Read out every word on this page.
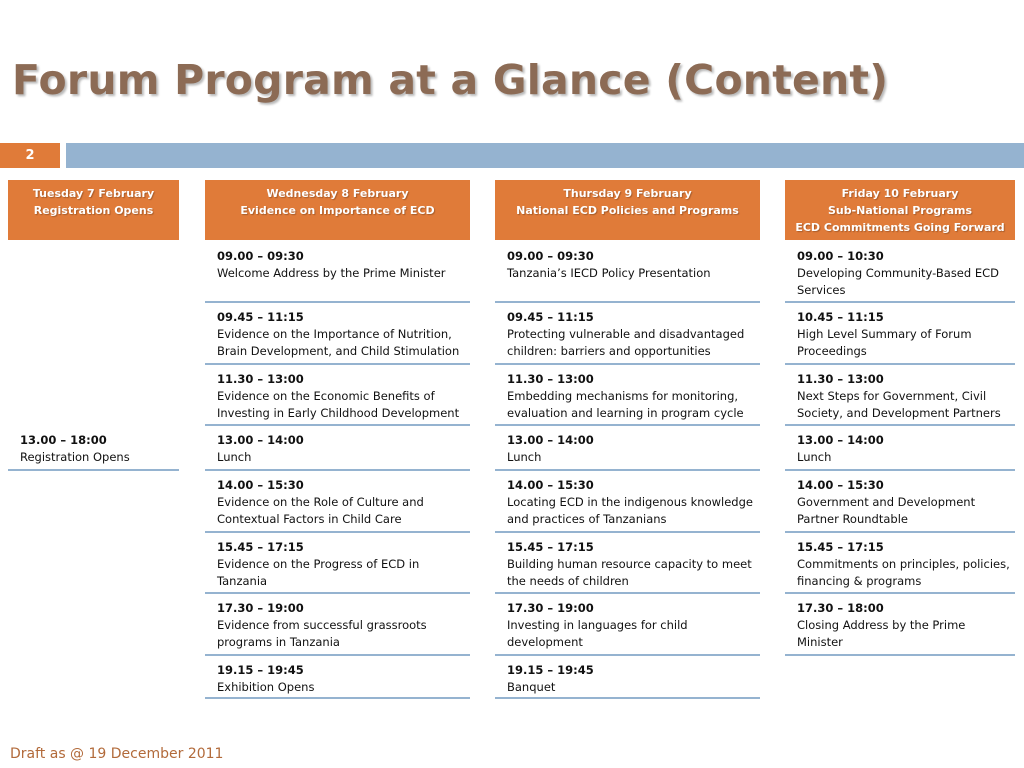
Forum Program at a Glance (Content)
2
Tuesday 7 February
Registration Opens
13.00 – 18:00
Registration Opens
Wednesday 8 February
Evidence on Importance of ECD
09.00 – 09:30
Welcome Address by the Prime Minister
09.45 – 11:15
Evidence on the Importance of Nutrition,
Brain Development, and Child Stimulation
11.30 – 13:00
Evidence on the Economic Benefits of
Investing in Early Childhood Development
13.00 – 14:00
Lunch
14.00 – 15:30
Evidence on the Role of Culture and
Contextual Factors in Child Care
15.45 – 17:15
Evidence on the Progress of ECD in
Tanzania
17.30 – 19:00
Evidence from successful grassroots
programs in Tanzania
19.15 – 19:45
Exhibition Opens
Thursday 9 February
National ECD Policies and Programs
09.00 – 09:30
Tanzania’s IECD Policy Presentation
09.45 – 11:15
Protecting vulnerable and disadvantaged
children: barriers and opportunities
11.30 – 13:00
Embedding mechanisms for monitoring,
evaluation and learning in program cycle
13.00 – 14:00
Lunch
14.00 – 15:30
Locating ECD in the indigenous knowledge
and practices of Tanzanians
15.45 – 17:15
Building human resource capacity to meet
the needs of children
17.30 – 19:00
Investing in languages for child
development
19.15 – 19:45
Banquet
Friday 10 February
Sub-National Programs
ECD Commitments Going Forward
09.00 – 10:30
Developing Community-Based ECD
Services
10.45 – 11:15
High Level Summary of Forum
Proceedings
11.30 – 13:00
Next Steps for Government, Civil
Society, and Development Partners
13.00 – 14:00
Lunch
14.00 – 15:30
Government and Development
Partner Roundtable
15.45 – 17:15
Commitments on principles, policies,
financing & programs
17.30 – 18:00
Closing Address by the Prime
Minister
Draft as @ 19 December 2011
